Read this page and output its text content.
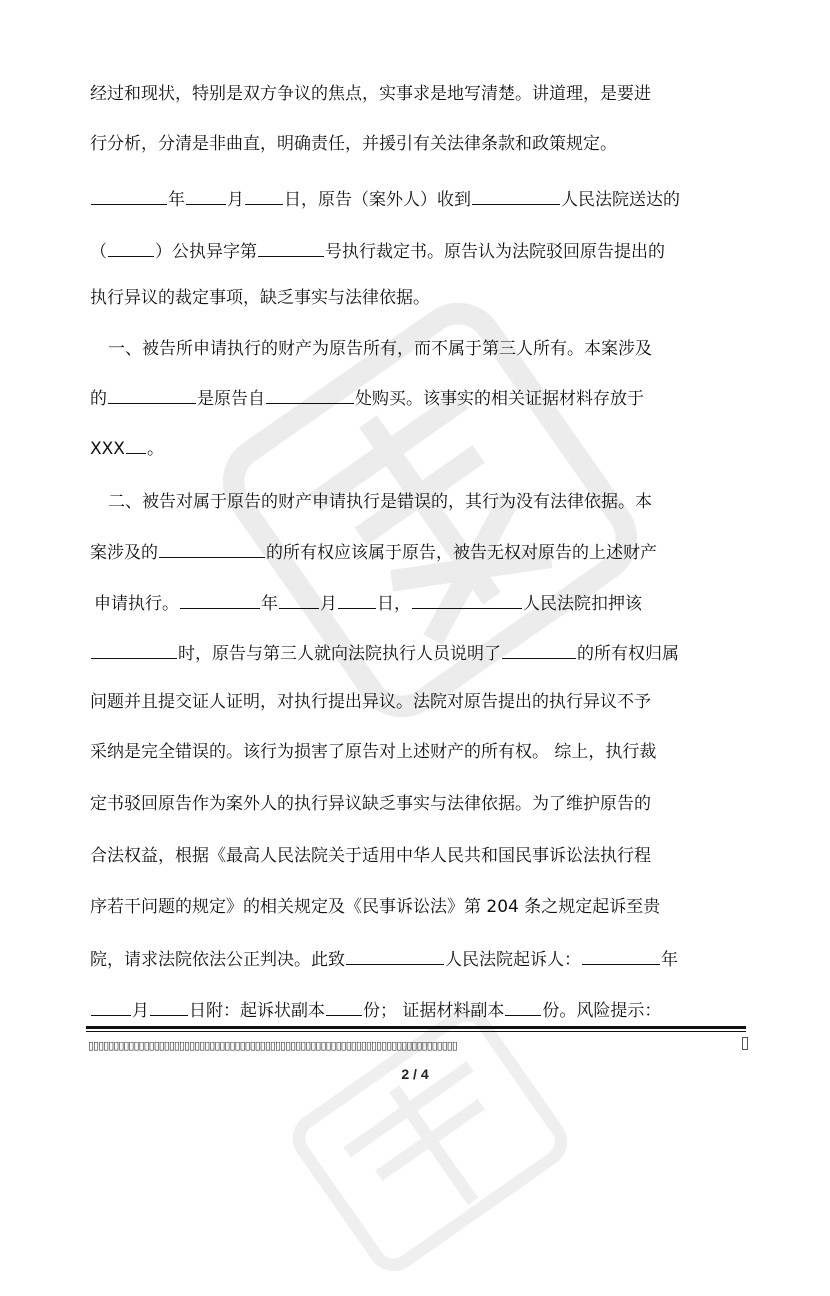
经过和现状，特别是双方争议的焦点，实事求是地写清楚。讲道理，是要进
行分析，分清是非曲直，明确责任，并援引有关法律条款和政策规定。
年 月 日，原告（案外人）收到	人民法院送达的
（	）公执异字第	号执行裁定书。原告认为法院驳回原告提出的
执行异议的裁定事项，缺乏事实与法律依据。
一、被告所申请执行的财产为原告所有，而不属于第三人所有。本案涉及
的	是原告自	处购买。该事实的相关证据材料存放于
XXX 。
二、被告对属于原告的财产申请执行是错误的，其行为没有法律依据。本
案涉及的	的所有权应该属于原告，被告无权对原告的上述财产
申请执行。	年 月 日，	人民法院扣押该
时，原告与第三人就向法院执行人员说明了	的所有权归属
问题并且提交证人证明，对执行提出异议。法院对原告提出的执行异议不予
采纳是完全错误的。该行为损害了原告对上述财产的所有权。 综上，执行裁
定书驳回原告作为案外人的执行异议缺乏事实与法律依据。为了维护原告的
合法权益，根据《最高人民法院关于适用中华人民共和国民事诉讼法执行程
序若干问题的规定》的相关规定及《民事诉讼法》第 204 条之规定起诉至贵
院，请求法院依法公正判决。此致	人民法院起诉人：	年
月 日附：起诉状副本 份； 证据材料副本 份。风险提示：
▯▯▯▯▯▯▯▯▯▯▯▯▯▯▯▯▯▯▯▯▯▯▯▯▯▯▯▯▯▯▯▯▯▯▯▯▯▯▯▯▯▯▯▯▯▯▯▯▯▯▯▯▯▯▯▯▯▯▯▯▯▯▯▯▯▯▯▯▯▯▯▯▯
2 / 4
